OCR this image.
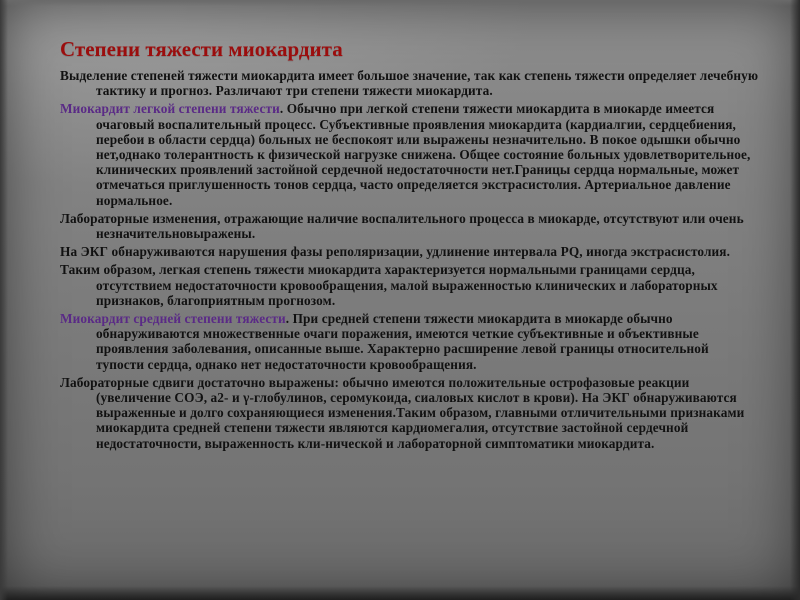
Степени тяжести миокардита

Выделение степеней тяжести миокардита имеет большое значение, так как степень тяжести определяет лечебную тактику и прогноз. Различают три степени тяжести миокардита.

Миокардит легкой степени тяжести. Обычно при легкой степени тяжести миокардита в миокарде имеется очаговый воспалительный процесс. Субъективные проявления миокардита (кардиалгии, сердцебиения, перебои в области сердца) больных не беспокоят или выражены незначительно. В покое одышки обычно нет,однако толерантность к физической нагрузке снижена. Общее состояние больных удовлетворительное, клинических проявлений застойной сердечной недостаточности нет.Границы сердца нормальные, может отмечаться приглушенность тонов сердца, часто определяется экстрасистолия. Артериальное давление нормальное.

Лабораторные изменения, отражающие наличие воспалительного процесса в миокарде, отсутствуют или очень незначительновыражены.

На ЭКГ обнаруживаются нарушения фазы реполяризации, удлинение интервала PQ, иногда экстрасистолия.

Таким образом, легкая степень тяжести миокардита характеризуется нормальными границами сердца, отсутствием недостаточности кровообращения, малой выраженностью клинических и лабораторных признаков, благоприятным прогнозом.

Миокардит средней степени тяжести. При средней степени тяжести миокардита в миокарде обычно обнаруживаются множественные очаги поражения, имеются четкие субъективные и объективные проявления заболевания, описанные выше. Характерно расширение левой границы относительной тупости сердца, однако нет недостаточности кровообращения.

Лабораторные сдвиги достаточно выражены: обычно имеются положительные острофазовые реакции (увеличение СОЭ, а2- и γ-глобулинов, серомукоида, сиаловых кислот в крови). На ЭКГ обнаруживаются выраженные и долго сохраняющиеся изменения.Таким образом, главными отличительными признаками миокардита средней степени тяжести являются кардиомегалия, отсутствие застойной сердечной недостаточности, выраженность кли-нической и лабораторной симптоматики миокардита.
